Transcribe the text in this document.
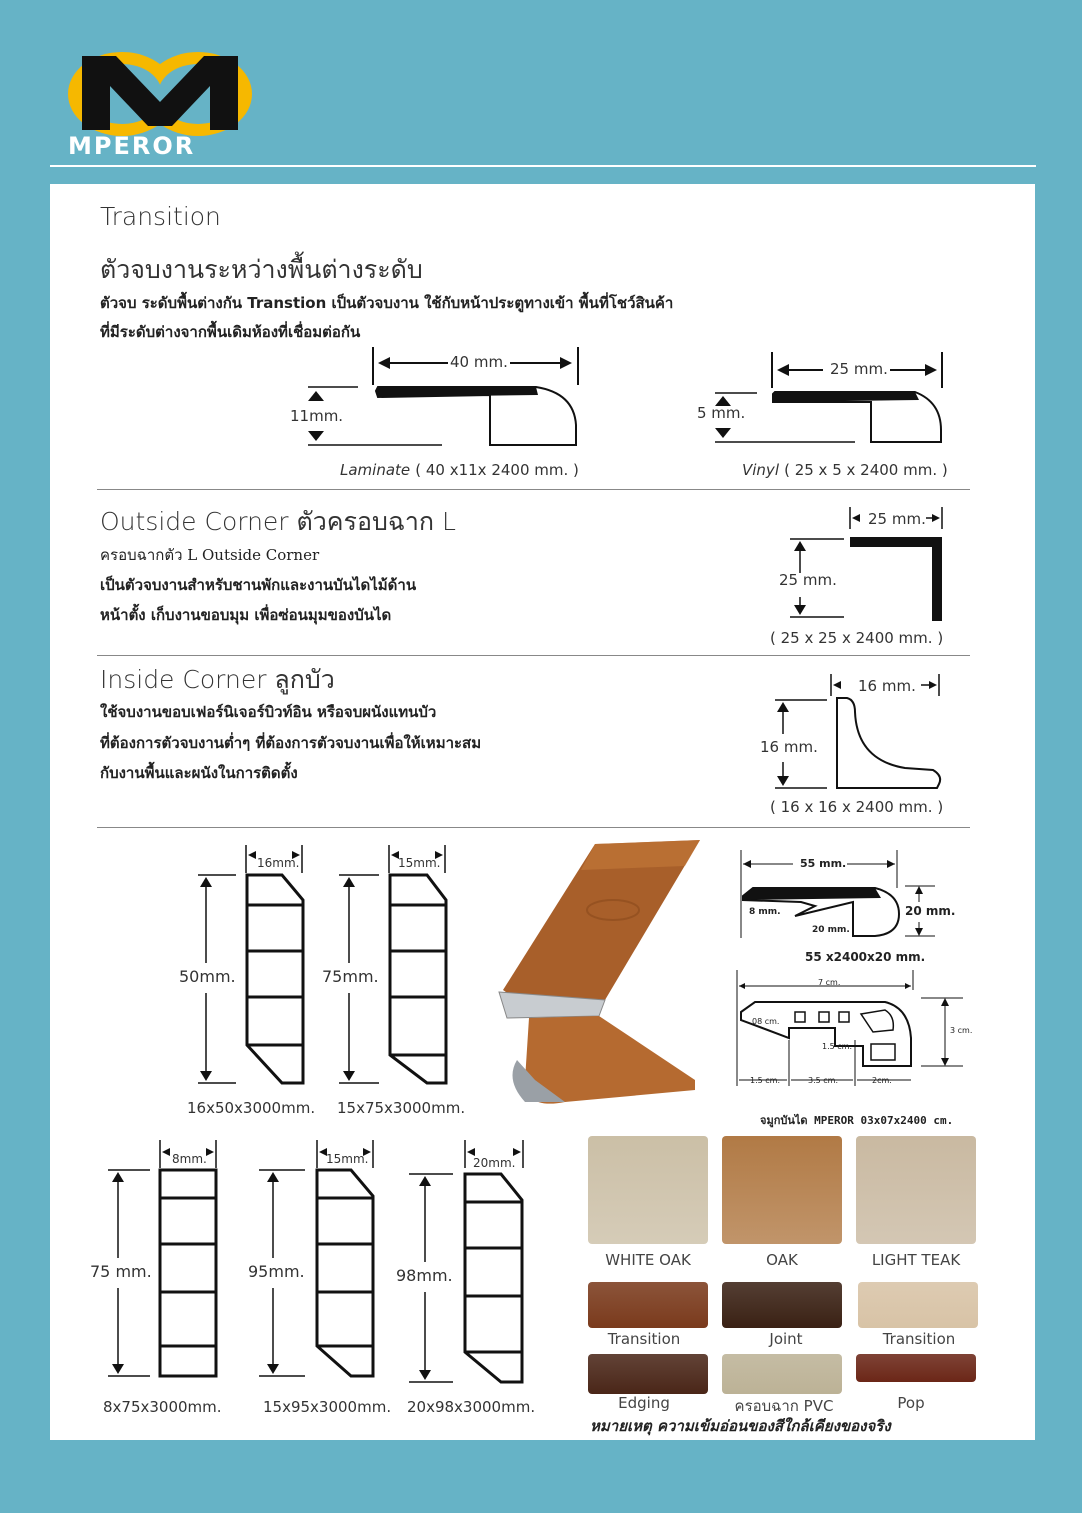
MPEROR
Transition
ตัวจบงานระหว่างพื้นต่างระดับ
ตัวจบ ระดับพื้นต่างกัน Transtion เป็นตัวจบงาน ใช้กับหน้าประตูทางเข้า พื้นที่โชว์สินค้า
ที่มีระดับต่างจากพื้นเดิมห้องที่เชื่อมต่อกัน
40 mm.
11mm.
Laminate ( 40 x11x 2400 mm. )
25 mm.
5 mm.
Vinyl ( 25 x 5 x 2400 mm. )
Outside Corner ตัวครอบฉาก L
ครอบฉากตัว L Outside Corner
เป็นตัวจบงานสำหรับชานพักและงานบันไดไม้ด้าน
หน้าตั้ง เก็บงานขอบมุม เพื่อซ่อนมุมของบันได
25 mm.
25 mm.
( 25 x 25 x 2400 mm. )
Inside Corner ลูกบัว
ใช้จบงานขอบเฟอร์นิเจอร์บิวท์อิน หรือจบผนังแทนบัว
ที่ต้องการตัวจบงานต่ำๆ ที่ต้องการตัวจบงานเพื่อให้เหมาะสม
กับงานพื้นและผนังในการติดตั้ง
16 mm.
16 mm.
( 16 x 16 x 2400 mm. )
16mm.
50mm.
16x50x3000mm.
15mm.
75mm.
15x75x3000mm.
55 mm.
8 mm.
20 mm.
20 mm.
55 x2400x20 mm.
7 cm.
08 cm.
3 cm.
1.5 cm.
1.5 cm.	3.5 cm.	2cm.
จมูกบันได MPEROR 03x07x2400 cm.
8mm.
75 mm.
8x75x3000mm.
15mm.
95mm.
15x95x3000mm.
20mm.
98mm.
20x98x3000mm.
WHITE OAK	OAK	LIGHT TEAK
Transition	Joint	Transition
Edging	ครอบฉาก PVC	Pop
หมายเหตุ ความเข้มอ่อนของสีใกล้เคียงของจริง
